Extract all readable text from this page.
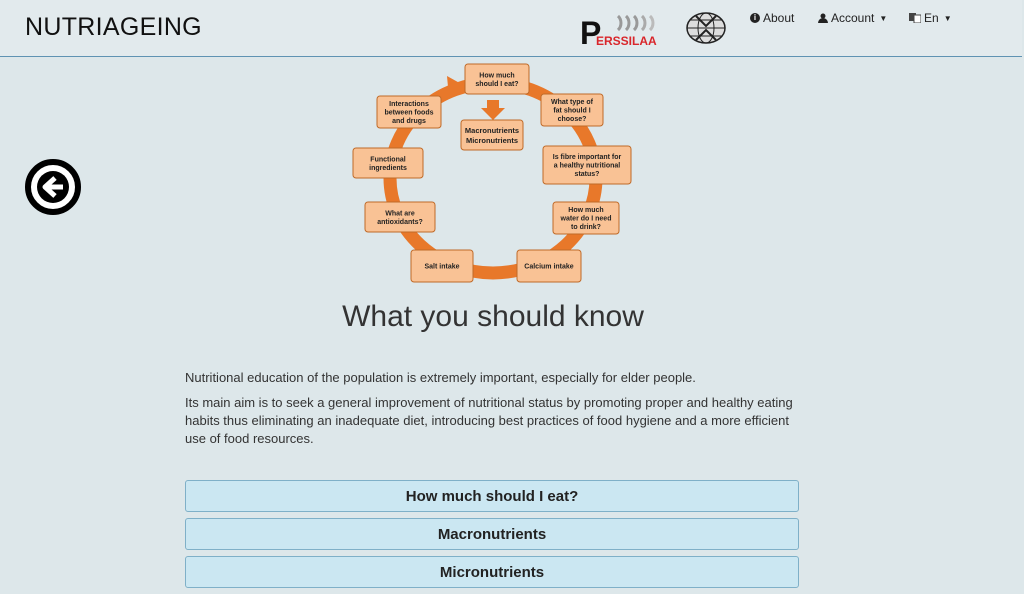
NUTRIAGEING	P
ERSSILAA
i About	Account ▼	En ▼
Macronutrients
Micronutrients
How much
should I eat?
What type of
fat should I
choose?
Is fibre important for
a healthy nutritional
status?
How much
water do I need
to drink?
Calcium intake
Salt intake
What are
antioxidants?
Functional
ingredients
Interactions
between foods
and drugs
What you should know

Nutritional education of the population is extremely important, especially for elder people.

Its main aim is to seek a general improvement of nutritional status by promoting proper and healthy eating habits thus eliminating an inadequate diet, introducing best practices of food hygiene and a more efficient use of food resources.

How much should I eat?
Macronutrients
Micronutrients
